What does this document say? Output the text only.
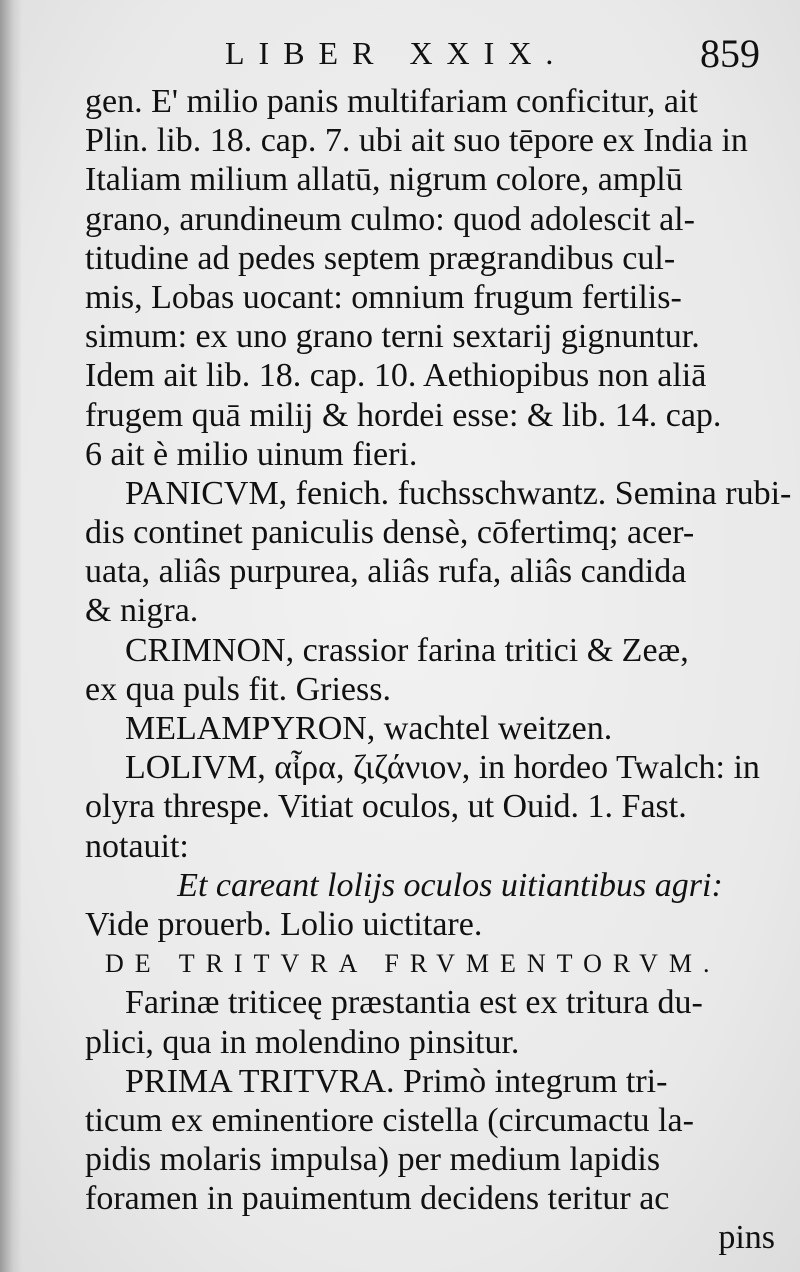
LIBER XXIX.	859
gen. E' milio panis multifariam conficitur, ait
Plin. lib. 18. cap. 7. ubi ait suo tēpore ex India in
Italiam milium allatū, nigrum colore, amplū
grano, arundineum culmo: quod adolescit al-
titudine ad pedes septem prægrandibus cul-
mis, Lobas uocant: omnium frugum fertilis-
simum: ex uno grano terni sextarij gignuntur.
Idem ait lib. 18. cap. 10. Aethiopibus non aliā
frugem quā milij & hordei esse: & lib. 14. cap.
6 ait è milio uinum fieri.
PANICVM, fenich. fuchsschwantz. Semina rubi-
dis continet paniculis densè, cōfertimq; acer-
uata, aliâs purpurea, aliâs rufa, aliâs candida
& nigra.
CRIMNON, crassior farina tritici & Zeæ,
ex qua puls fit. Griess.
MELAMPYRON, wachtel weitzen.
LOLIVM, αἶρα, ζιζάνιον, in hordeo Twalch: in
olyra threspe. Vitiat oculos, ut Ouid. 1. Fast.
notauit:
Et careant lolijs oculos uitiantibus agri:
Vide prouerb. Lolio uictitare.
DE TRITVRA FRVMENTORVM.
Farinæ triticeę præstantia est ex tritura du-
plici, qua in molendino pinsitur.
PRIMA TRITVRA. Primò integrum tri-
ticum ex eminentiore cistella (circumactu la-
pidis molaris impulsa) per medium lapidis
foramen in pauimentum decidens teritur ac
pins
